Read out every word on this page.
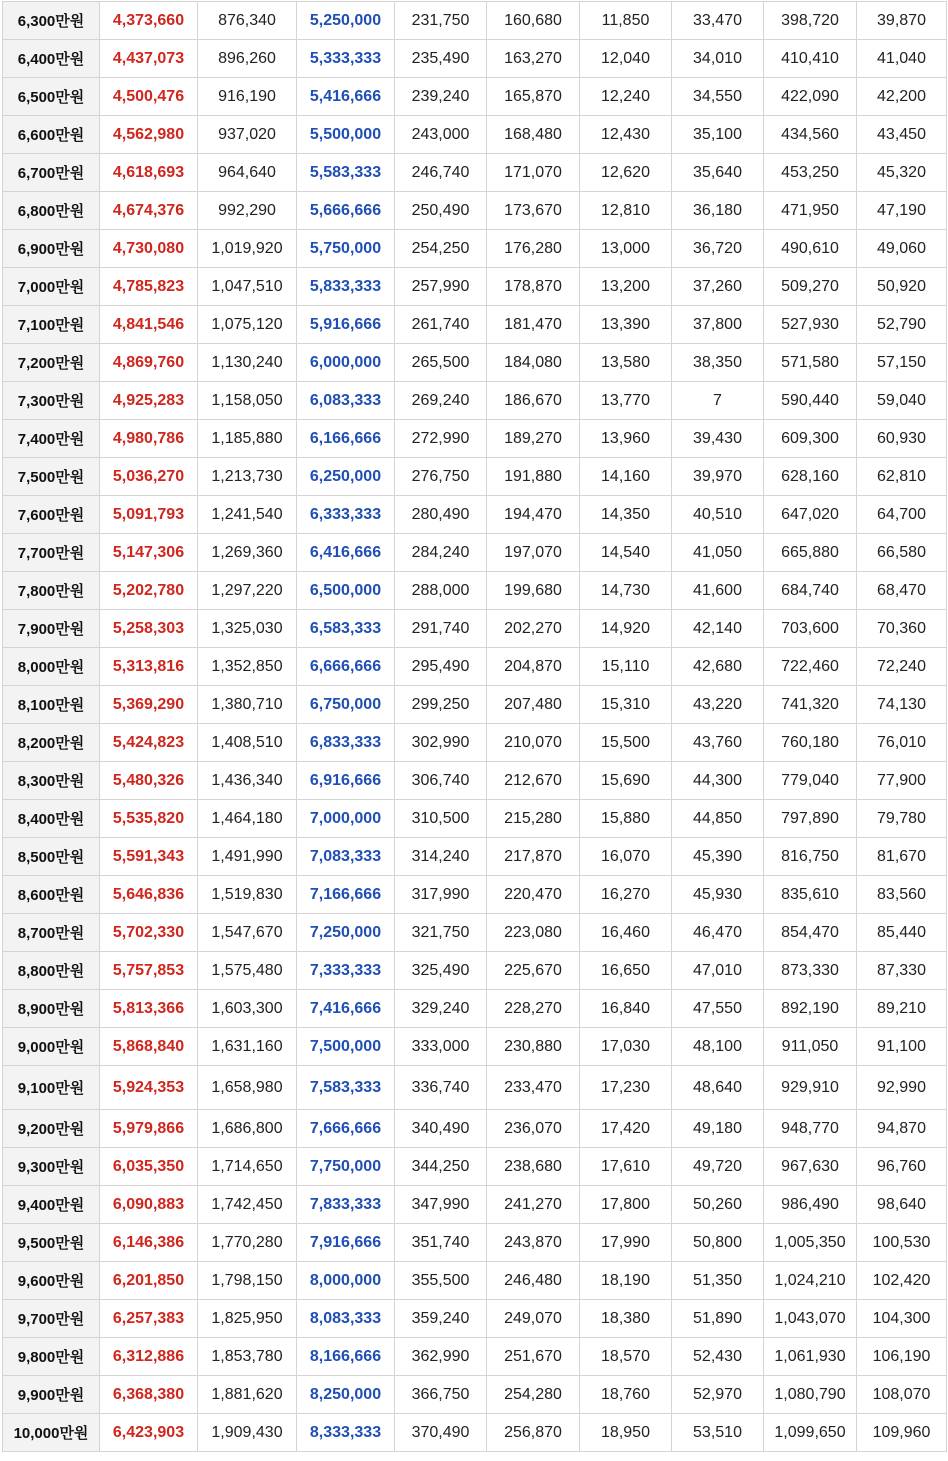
6,300만원	4,373,660	876,340	5,250,000	231,750	160,680	11,850	33,470	398,720	39,870
6,400만원	4,437,073	896,260	5,333,333	235,490	163,270	12,040	34,010	410,410	41,040
6,500만원	4,500,476	916,190	5,416,666	239,240	165,870	12,240	34,550	422,090	42,200
6,600만원	4,562,980	937,020	5,500,000	243,000	168,480	12,430	35,100	434,560	43,450
6,700만원	4,618,693	964,640	5,583,333	246,740	171,070	12,620	35,640	453,250	45,320
6,800만원	4,674,376	992,290	5,666,666	250,490	173,670	12,810	36,180	471,950	47,190
6,900만원	4,730,080	1,019,920	5,750,000	254,250	176,280	13,000	36,720	490,610	49,060
7,000만원	4,785,823	1,047,510	5,833,333	257,990	178,870	13,200	37,260	509,270	50,920
7,100만원	4,841,546	1,075,120	5,916,666	261,740	181,470	13,390	37,800	527,930	52,790
7,200만원	4,869,760	1,130,240	6,000,000	265,500	184,080	13,580	38,350	571,580	57,150
7,300만원	4,925,283	1,158,050	6,083,333	269,240	186,670	13,770	7	590,440	59,040
7,400만원	4,980,786	1,185,880	6,166,666	272,990	189,270	13,960	39,430	609,300	60,930
7,500만원	5,036,270	1,213,730	6,250,000	276,750	191,880	14,160	39,970	628,160	62,810
7,600만원	5,091,793	1,241,540	6,333,333	280,490	194,470	14,350	40,510	647,020	64,700
7,700만원	5,147,306	1,269,360	6,416,666	284,240	197,070	14,540	41,050	665,880	66,580
7,800만원	5,202,780	1,297,220	6,500,000	288,000	199,680	14,730	41,600	684,740	68,470
7,900만원	5,258,303	1,325,030	6,583,333	291,740	202,270	14,920	42,140	703,600	70,360
8,000만원	5,313,816	1,352,850	6,666,666	295,490	204,870	15,110	42,680	722,460	72,240
8,100만원	5,369,290	1,380,710	6,750,000	299,250	207,480	15,310	43,220	741,320	74,130
8,200만원	5,424,823	1,408,510	6,833,333	302,990	210,070	15,500	43,760	760,180	76,010
8,300만원	5,480,326	1,436,340	6,916,666	306,740	212,670	15,690	44,300	779,040	77,900
8,400만원	5,535,820	1,464,180	7,000,000	310,500	215,280	15,880	44,850	797,890	79,780
8,500만원	5,591,343	1,491,990	7,083,333	314,240	217,870	16,070	45,390	816,750	81,670
8,600만원	5,646,836	1,519,830	7,166,666	317,990	220,470	16,270	45,930	835,610	83,560
8,700만원	5,702,330	1,547,670	7,250,000	321,750	223,080	16,460	46,470	854,470	85,440
8,800만원	5,757,853	1,575,480	7,333,333	325,490	225,670	16,650	47,010	873,330	87,330
8,900만원	5,813,366	1,603,300	7,416,666	329,240	228,270	16,840	47,550	892,190	89,210
9,000만원	5,868,840	1,631,160	7,500,000	333,000	230,880	17,030	48,100	911,050	91,100
9,100만원	5,924,353	1,658,980	7,583,333	336,740	233,470	17,230	48,640	929,910	92,990
9,200만원	5,979,866	1,686,800	7,666,666	340,490	236,070	17,420	49,180	948,770	94,870
9,300만원	6,035,350	1,714,650	7,750,000	344,250	238,680	17,610	49,720	967,630	96,760
9,400만원	6,090,883	1,742,450	7,833,333	347,990	241,270	17,800	50,260	986,490	98,640
9,500만원	6,146,386	1,770,280	7,916,666	351,740	243,870	17,990	50,800	1,005,350	100,530
9,600만원	6,201,850	1,798,150	8,000,000	355,500	246,480	18,190	51,350	1,024,210	102,420
9,700만원	6,257,383	1,825,950	8,083,333	359,240	249,070	18,380	51,890	1,043,070	104,300
9,800만원	6,312,886	1,853,780	8,166,666	362,990	251,670	18,570	52,430	1,061,930	106,190
9,900만원	6,368,380	1,881,620	8,250,000	366,750	254,280	18,760	52,970	1,080,790	108,070
10,000만원	6,423,903	1,909,430	8,333,333	370,490	256,870	18,950	53,510	1,099,650	109,960
